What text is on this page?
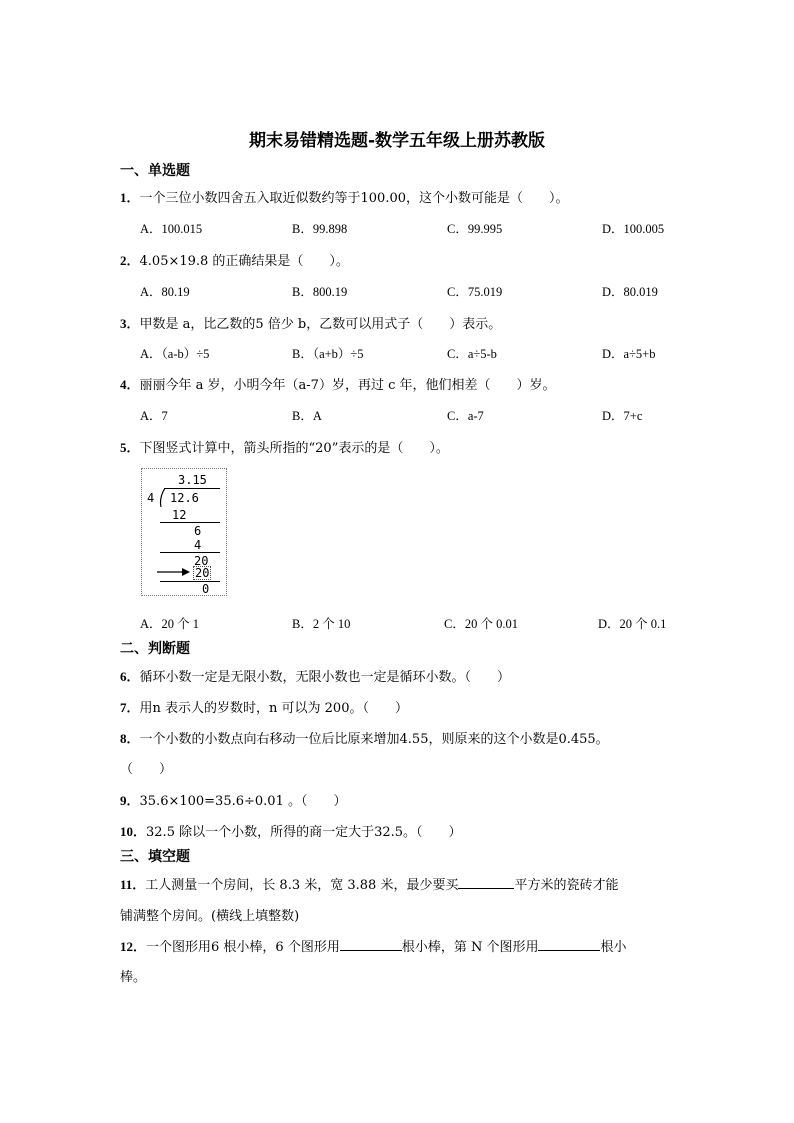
期末易错精选题-数学五年级上册苏教版
一、单选题
1．一个三位小数四舍五入取近似数约等于100.00，这个小数可能是（　　）。
A．100.015	B．99.898	C．99.995	D．100.005
2．4.05×19.8 的正确结果是（　　）。
A．80.19	B．800.19	C．75.019	D．80.019
3．甲数是 a，比乙数的5 倍少 b，乙数可以用式子（　　）表示。
A．（a-b）÷5	B．（a+b）÷5	C．a÷5-b	D．a÷5+b
4．丽丽今年 a 岁，小明今年（a-7）岁，再过 c 年，他们相差（　　）岁。
A．7	B．A	C．a-7	D．7+c
5．下图竖式计算中，箭头所指的“20”表示的是（　　）。
3.15
4 12.6
12
6
4
20
20
0
A．20 个 1	B．2 个 10	C．20 个 0.01	D．20 个 0.1
二、判断题
6．循环小数一定是无限小数，无限小数也一定是循环小数。（　　）
7．用n 表示人的岁数时，n 可以为 200。（　　）
8．一个小数的小数点向右移动一位后比原来增加4.55，则原来的这个小数是0.455。
（　　）
9．35.6×100=35.6÷0.01 。（　　）
10．32.5 除以一个小数，所得的商一定大于32.5。（　　）
三、填空题
11．工人测量一个房间，长 8.3 米，宽 3.88 米，最少要买	平方米的瓷砖才能
铺满整个房间。(横线上填整数)
12．一个图形用6 根小棒，6 个图形用	根小棒，第 N 个图形用	根小
棒。
